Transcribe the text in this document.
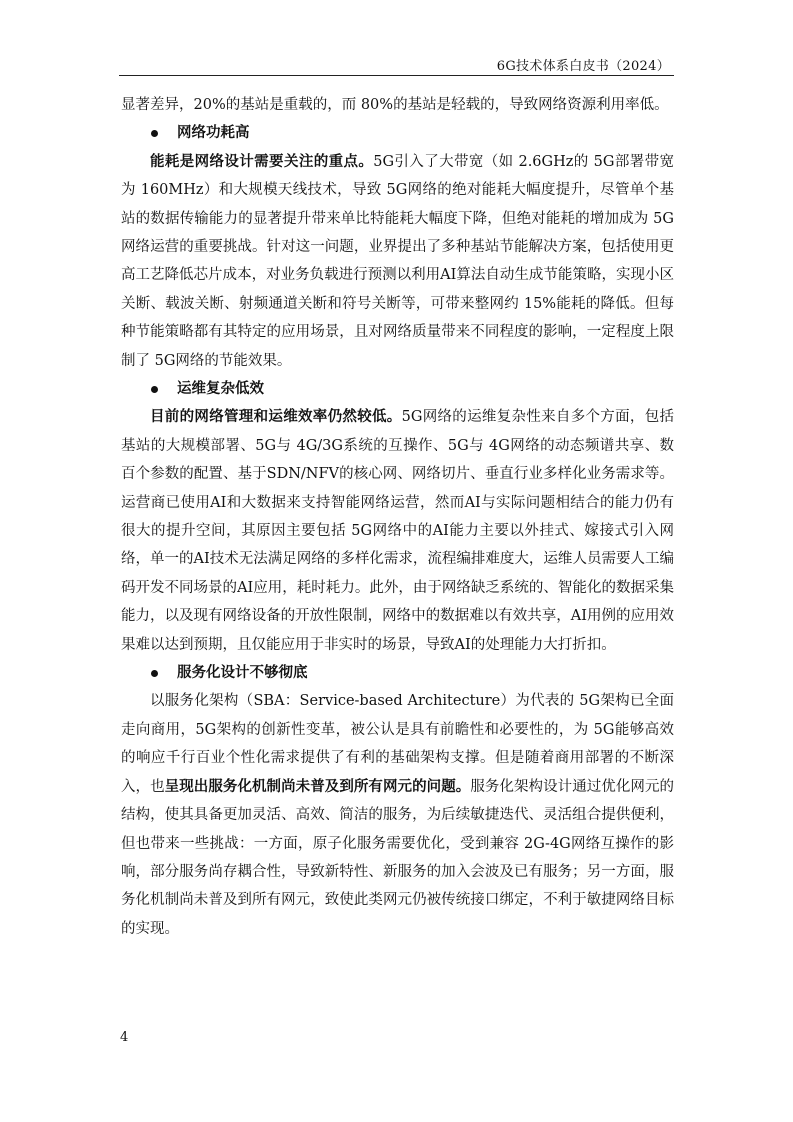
6G技术体系白皮书（2024）

显著差异，20%的基站是重载的，而 80%的基站是轻载的，导致网络资源利用率低。

网络功耗高

能耗是网络设计需要关注的重点。5G引入了大带宽（如 2.6GHz的 5G部署带宽为 160MHz）和大规模天线技术，导致 5G网络的绝对能耗大幅度提升，尽管单个基站的数据传输能力的显著提升带来单比特能耗大幅度下降，但绝对能耗的增加成为 5G网络运营的重要挑战。针对这一问题，业界提出了多种基站节能解决方案，包括使用更高工艺降低芯片成本，对业务负载进行预测以利用AI算法自动生成节能策略，实现小区关断、载波关断、射频通道关断和符号关断等，可带来整网约 15%能耗的降低。但每种节能策略都有其特定的应用场景，且对网络质量带来不同程度的影响，一定程度上限制了 5G网络的节能效果。

运维复杂低效

目前的网络管理和运维效率仍然较低。5G网络的运维复杂性来自多个方面，包括基站的大规模部署、5G与 4G/3G系统的互操作、5G与 4G网络的动态频谱共享、数百个参数的配置、基于SDN/NFV的核心网、网络切片、垂直行业多样化业务需求等。运营商已使用AI和大数据来支持智能网络运营，然而AI与实际问题相结合的能力仍有很大的提升空间，其原因主要包括 5G网络中的AI能力主要以外挂式、嫁接式引入网络，单一的AI技术无法满足网络的多样化需求，流程编排难度大，运维人员需要人工编码开发不同场景的AI应用，耗时耗力。此外，由于网络缺乏系统的、智能化的数据采集能力，以及现有网络设备的开放性限制，网络中的数据难以有效共享，AI用例的应用效果难以达到预期，且仅能应用于非实时的场景，导致AI的处理能力大打折扣。

服务化设计不够彻底

以服务化架构（SBA：Service-based Architecture）为代表的 5G架构已全面走向商用，5G架构的创新性变革，被公认是具有前瞻性和必要性的，为 5G能够高效的响应千行百业个性化需求提供了有利的基础架构支撑。但是随着商用部署的不断深入，也呈现出服务化机制尚未普及到所有网元的问题。服务化架构设计通过优化网元的结构，使其具备更加灵活、高效、简洁的服务，为后续敏捷迭代、灵活组合提供便利，但也带来一些挑战：一方面，原子化服务需要优化，受到兼容 2G-4G网络互操作的影响，部分服务尚存耦合性，导致新特性、新服务的加入会波及已有服务；另一方面，服务化机制尚未普及到所有网元，致使此类网元仍被传统接口绑定，不利于敏捷网络目标的实现。

4
